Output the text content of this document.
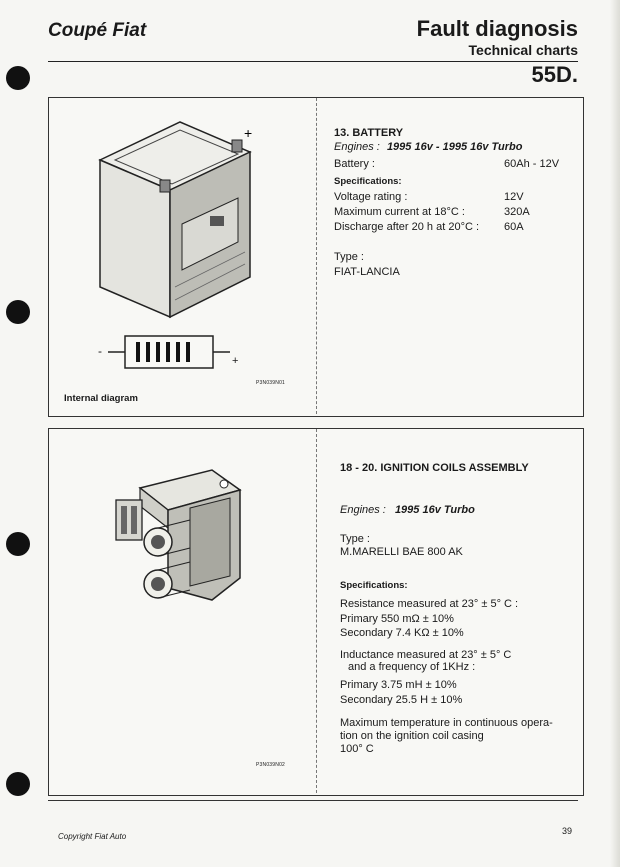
Coupé Fiat	Fault diagnosis
Technical charts
55D.
+
-
+
P3N039N01
Internal diagram
13. BATTERY
Engines : 1995 16v - 1995 16v Turbo
Battery :	60Ah - 12V
Specifications:
Voltage rating :	12V
Maximum current at 18°C :	320A
Discharge after 20 h at 20°C : 60A
Type :
FIAT-LANCIA
P3N039N02
18 - 20. IGNITION COILS ASSEMBLY
Engines : 1995 16v Turbo
Type :
M.MARELLI BAE 800 AK
Specifications:
Resistance measured at 23° ± 5° C :
Primary 550 mΩ ± 10%
Secondary 7.4 KΩ ± 10%
Inductance measured at 23° ± 5° C
and a frequency of 1KHz :
Primary 3.75 mH ± 10%
Secondary 25.5 H ± 10%
Maximum temperature in continuous opera-
tion on the ignition coil casing
100° C
Copyright Fiat Auto
39
